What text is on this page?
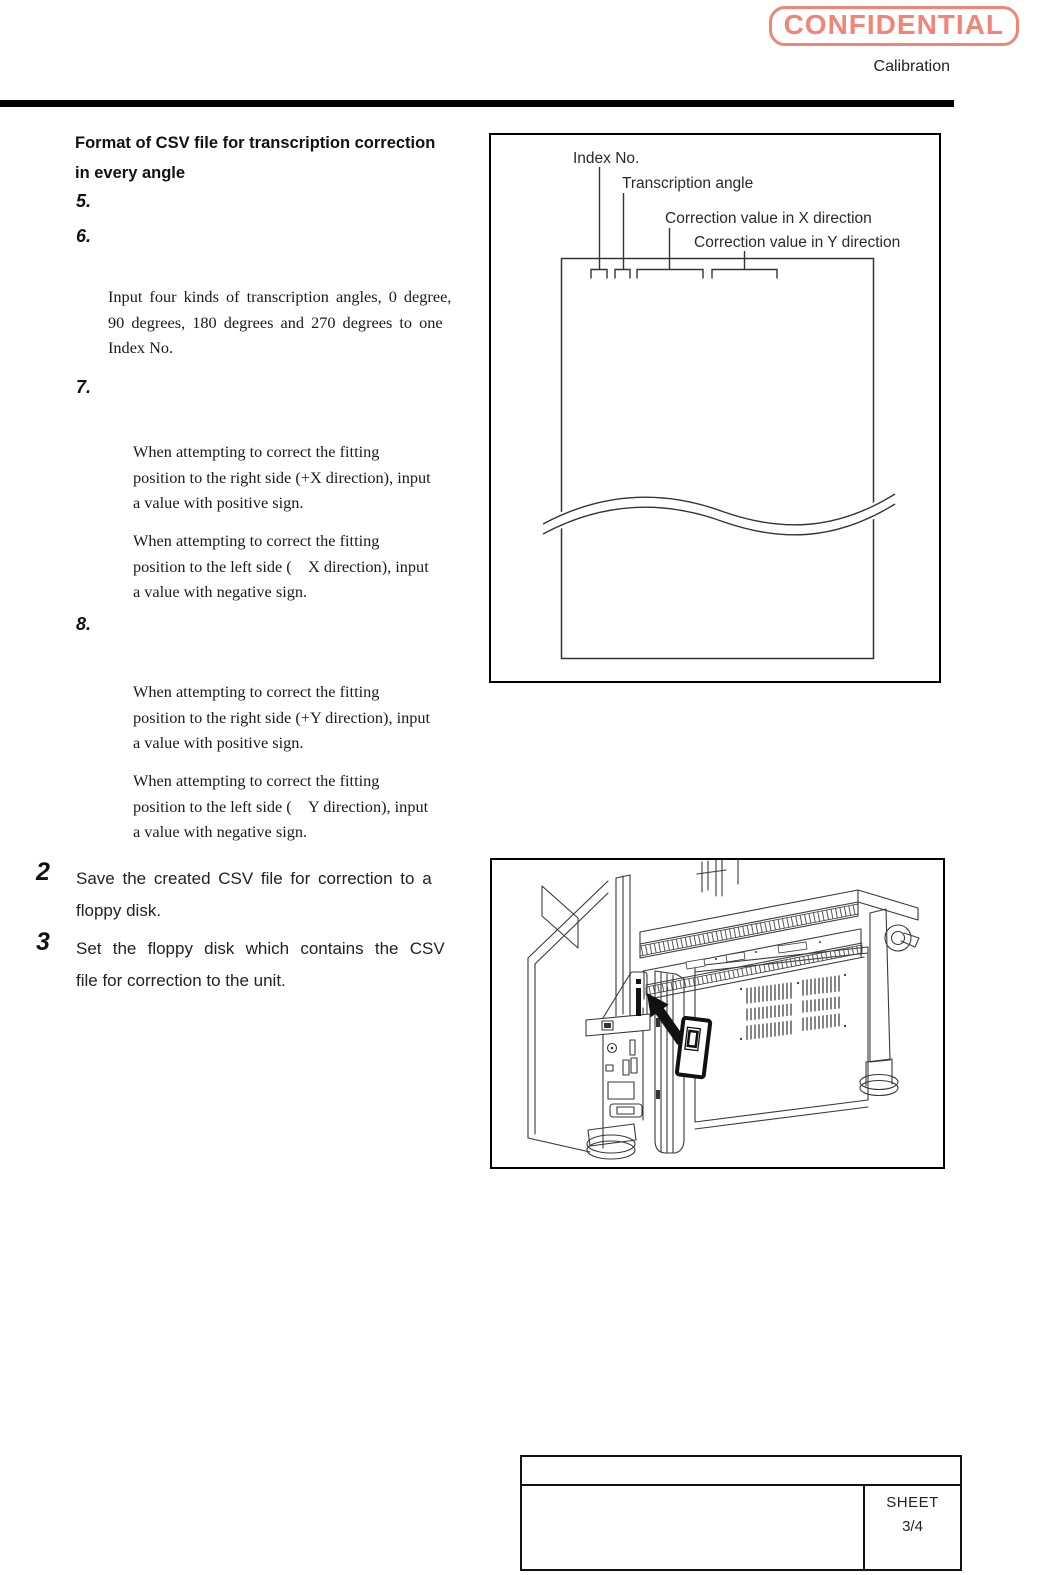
CONFIDENTIAL
Calibration
Format of CSV file for transcription correction
in every angle
5.
6.
Input four kinds of transcription angles, 0 degree,
90 degrees, 180 degrees and 270 degrees to one
Index No.
7.
When attempting to correct the fitting
position to the right side (+X direction), input
a value with positive sign.
When attempting to correct the fitting
position to the left side ( X direction), input
a value with negative sign.
8.
When attempting to correct the fitting
position to the right side (+Y direction), input
a value with positive sign.
When attempting to correct the fitting
position to the left side ( Y direction), input
a value with negative sign.
2 Save the created CSV file for correction to a
floppy disk.
3 Set the floppy disk which contains the CSV
file for correction to the unit.
Index No.
Transcription angle
Correction value in X direction
Correction value in Y direction
SHEET
3/4
